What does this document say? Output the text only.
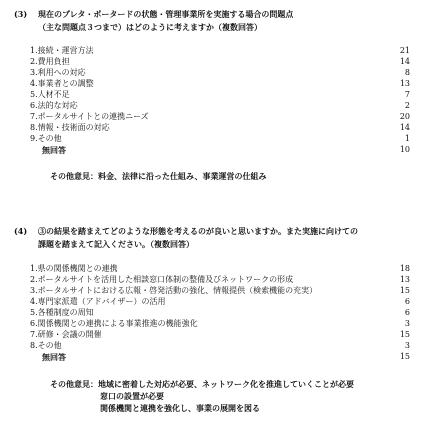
(3) 現在のプレタ・ポータードの状態・管理事業所を実施する場合の問題点
（主な問題点３つまで）はどのように考えますか（複数回答）
1.接続・運営方法	21
2.費用負担	14
3.利用への対応	8
4.事業者との調整	13
5.人材不足	7
6.法的な対応	2
7.ポータルサイトとの連携ニーズ	20
8.情報・技術面の対応	14
9.その他	1
無回答	10
その他意見：料金、法律に沿った仕組み、事業運営の仕組み
(4) ③の結果を踏まえてどのような形態を考えるのが良いと思いますか。また実施に向けての
課題を踏まえて記入ください。（複数回答）
1.県の関係機関との連携	18
2.ポータルサイトを活用した相談窓口体制の整備及びネットワークの形成	13
3.ポータルサイトにおける広報・啓発活動の強化、情報提供（検索機能の充実）	15
4.専門家派遣（アドバイザー）の活用	6
5.各種制度の周知	6
6.関係機関との連携による事業推進の機能強化	3
7.研修・会議の開催	15
8.その他	3
無回答	15
その他意見：地域に密着した対応が必要、ネットワーク化を推進していくことが必要
窓口の設置が必要
関係機関と連携を強化し、事業の展開を図る
